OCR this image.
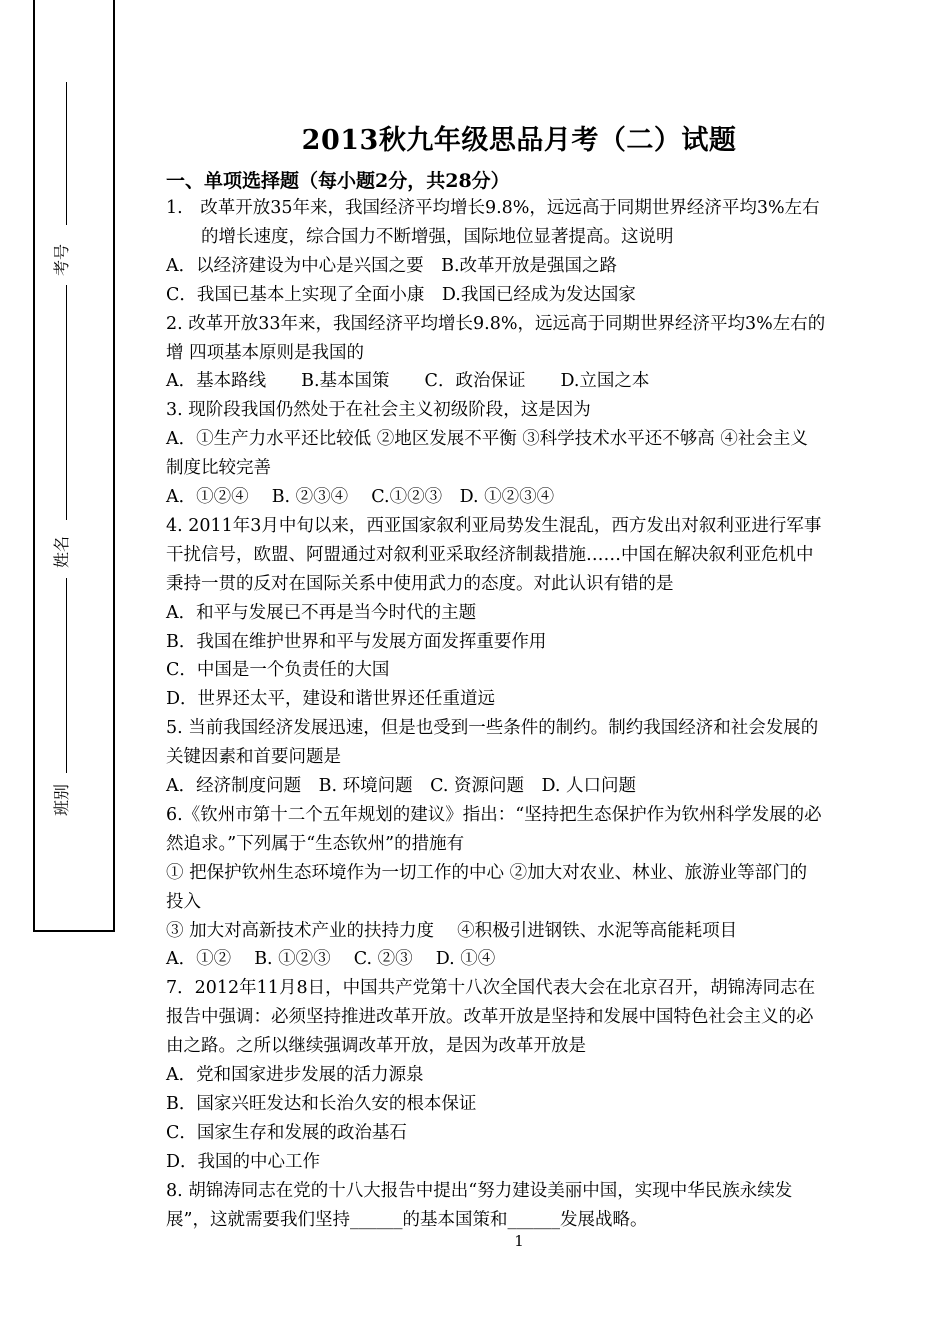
考号
姓名
班别
2013秋九年级思品月考（二）试题
一、单项选择题（每小题2分，共28分）
1.　改革开放35年来，我国经济平均增长9.8%，远远高于同期世界经济平均3%左右
　　的增长速度，综合国力不断增强，国际地位显著提高。这说明
A．以经济建设为中心是兴国之要　B.改革开放是强国之路
C．我国已基本上实现了全面小康　D.我国已经成为发达国家
2. 改革开放33年来，我国经济平均增长9.8%，远远高于同期世界经济平均3%左右的
增 四项基本原则是我国的
A．基本路线　　B.基本国策　　C．政治保证　　D.立国之本
3. 现阶段我国仍然处于在社会主义初级阶段，这是因为
A．①生产力水平还比较低 ②地区发展不平衡 ③科学技术水平还不够高 ④社会主义
制度比较完善
A．①②④　 B. ②③④　 C.①②③　D. ①②③④
4. 2011年3月中旬以来，西亚国家叙利亚局势发生混乱，西方发出对叙利亚进行军事
干扰信号，欧盟、阿盟通过对叙利亚采取经济制裁措施……中国在解决叙利亚危机中
秉持一贯的反对在国际关系中使用武力的态度。对此认识有错的是
A．和平与发展已不再是当今时代的主题
B．我国在维护世界和平与发展方面发挥重要作用
C．中国是一个负责任的大国
D．世界还太平，建设和谐世界还任重道远
5. 当前我国经济发展迅速，但是也受到一些条件的制约。制约我国经济和社会发展的
关键因素和首要问题是
A．经济制度问题　B. 环境问题　C. 资源问题　D. 人口问题
6.《钦州市第十二个五年规划的建议》指出：“坚持把生态保护作为钦州科学发展的必
然追求。”下列属于“生态钦州”的措施有
① 把保护钦州生态环境作为一切工作的中心 ②加大对农业、林业、旅游业等部门的
投入
③ 加大对高新技术产业的扶持力度　 ④积极引进钢铁、水泥等高能耗项目
A．①②　 B. ①②③　 C. ②③　 D. ①④
7．2012年11月8日，中国共产党第十八次全国代表大会在北京召开，胡锦涛同志在
报告中强调：必须坚持推进改革开放。改革开放是坚持和发展中国特色社会主义的必
由之路。之所以继续强调改革开放，是因为改革开放是
A．党和国家进步发展的活力源泉
B．国家兴旺发达和长治久安的根本保证
C．国家生存和发展的政治基石
D．我国的中心工作
8. 胡锦涛同志在党的十八大报告中提出“努力建设美丽中国，实现中华民族永续发
展”，这就需要我们坚持______的基本国策和______发展战略。
1
